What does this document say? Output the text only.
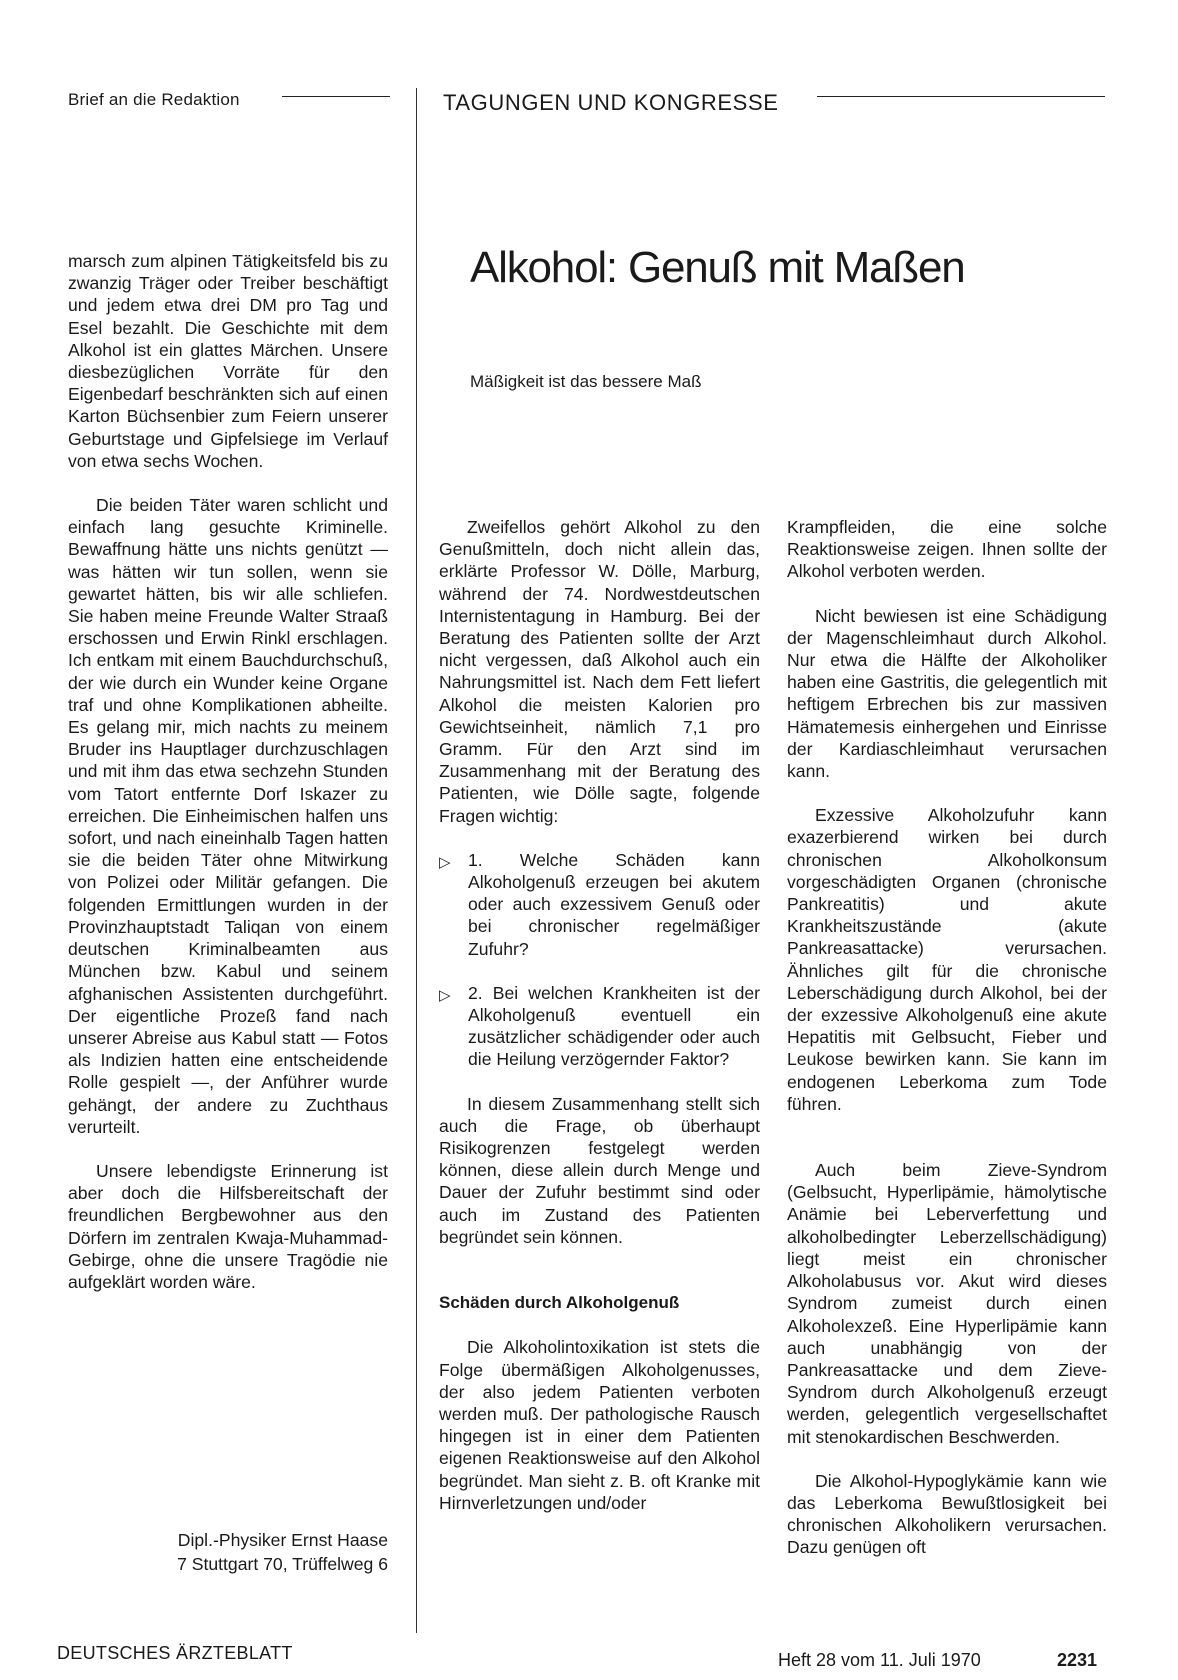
Brief an die Redaktion	TAGUNGEN UND KONGRESSE

marsch zum alpinen Tätigkeitsfeld bis zu zwanzig Träger oder Treiber beschäftigt und jedem etwa drei DM pro Tag und Esel bezahlt. Die Geschichte mit dem Alkohol ist ein glattes Märchen. Unsere diesbezüglichen Vorräte für den Eigenbedarf beschränkten sich auf einen Karton Büchsenbier zum Feiern unserer Geburtstage und Gipfelsiege im Verlauf von etwa sechs Wochen.

Die beiden Täter waren schlicht und einfach lang gesuchte Kriminelle. Bewaffnung hätte uns nichts genützt — was hätten wir tun sollen, wenn sie gewartet hätten, bis wir alle schliefen. Sie haben meine Freunde Walter Straaß erschossen und Erwin Rinkl erschlagen. Ich entkam mit einem Bauchdurchschuß, der wie durch ein Wunder keine Organe traf und ohne Komplikationen abheilte. Es gelang mir, mich nachts zu meinem Bruder ins Hauptlager durchzuschlagen und mit ihm das etwa sechzehn Stunden vom Tatort entfernte Dorf Iskazer zu erreichen. Die Einheimischen halfen uns sofort, und nach eineinhalb Tagen hatten sie die beiden Täter ohne Mitwirkung von Polizei oder Militär gefangen. Die folgenden Ermittlungen wurden in der Provinzhauptstadt Taliqan von einem deutschen Kriminalbeamten aus München bzw. Kabul und seinem afghanischen Assistenten durchgeführt. Der eigentliche Prozeß fand nach unserer Abreise aus Kabul statt — Fotos als Indizien hatten eine entscheidende Rolle gespielt —, der Anführer wurde gehängt, der andere zu Zuchthaus verurteilt.

Unsere lebendigste Erinnerung ist aber doch die Hilfsbereitschaft der freundlichen Bergbewohner aus den Dörfern im zentralen Kwaja-Muhammad-Gebirge, ohne die unsere Tragödie nie aufgeklärt worden wäre.

Dipl.-Physiker Ernst Haase
7 Stuttgart 70, Trüffelweg 6
Alkohol: Genuß mit Maßen
Mäßigkeit ist das bessere Maß

Zweifellos gehört Alkohol zu den Genußmitteln, doch nicht allein das, erklärte Professor W. Dölle, Marburg, während der 74. Nordwestdeutschen Internistentagung in Hamburg. Bei der Beratung des Patienten sollte der Arzt nicht vergessen, daß Alkohol auch ein Nahrungsmittel ist. Nach dem Fett liefert Alkohol die meisten Kalorien pro Gewichtseinheit, nämlich 7,1 pro Gramm. Für den Arzt sind im Zusammenhang mit der Beratung des Patienten, wie Dölle sagte, folgende Fragen wichtig:

▷ 1. Welche Schäden kann Alkoholgenuß erzeugen bei akutem oder auch exzessivem Genuß oder bei chronischer regelmäßiger Zufuhr?

▷ 2. Bei welchen Krankheiten ist der Alkoholgenuß eventuell ein zusätzlicher schädigender oder auch die Heilung verzögernder Faktor?

In diesem Zusammenhang stellt sich auch die Frage, ob überhaupt Risikogrenzen festgelegt werden können, diese allein durch Menge und Dauer der Zufuhr bestimmt sind oder auch im Zustand des Patienten begründet sein können.

Schäden durch Alkoholgenuß

Die Alkoholintoxikation ist stets die Folge übermäßigen Alkoholgenusses, der also jedem Patienten verboten werden muß. Der pathologische Rausch hingegen ist in einer dem Patienten eigenen Reaktionsweise auf den Alkohol begründet. Man sieht z. B. oft Kranke mit Hirnverletzungen und/oder

Krampfleiden, die eine solche Reaktionsweise zeigen. Ihnen sollte der Alkohol verboten werden.

Nicht bewiesen ist eine Schädigung der Magenschleimhaut durch Alkohol. Nur etwa die Hälfte der Alkoholiker haben eine Gastritis, die gelegentlich mit heftigem Erbrechen bis zur massiven Hämatemesis einhergehen und Einrisse der Kardiaschleimhaut verursachen kann.

Exzessive Alkoholzufuhr kann exazerbierend wirken bei durch chronischen Alkoholkonsum vorgeschädigten Organen (chronische Pankreatitis) und akute Krankheitszustände (akute Pankreasattacke) verursachen. Ähnliches gilt für die chronische Leberschädigung durch Alkohol, bei der der exzessive Alkoholgenuß eine akute Hepatitis mit Gelbsucht, Fieber und Leukose bewirken kann. Sie kann im endogenen Leberkoma zum Tode führen.

Auch beim Zieve-Syndrom (Gelbsucht, Hyperlipämie, hämolytische Anämie bei Leberverfettung und alkoholbedingter Leberzellschädigung) liegt meist ein chronischer Alkoholabusus vor. Akut wird dieses Syndrom zumeist durch einen Alkoholexzeß. Eine Hyperlipämie kann auch unabhängig von der Pankreasattacke und dem Zieve-Syndrom durch Alkoholgenuß erzeugt werden, gelegentlich vergesellschaftet mit stenokardischen Beschwerden.

Die Alkohol-Hypoglykämie kann wie das Leberkoma Bewußtlosigkeit bei chronischen Alkoholikern verursachen. Dazu genügen oft

DEUTSCHES ÄRZTEBLATT	Heft 28 vom 11. Juli 1970	2231
